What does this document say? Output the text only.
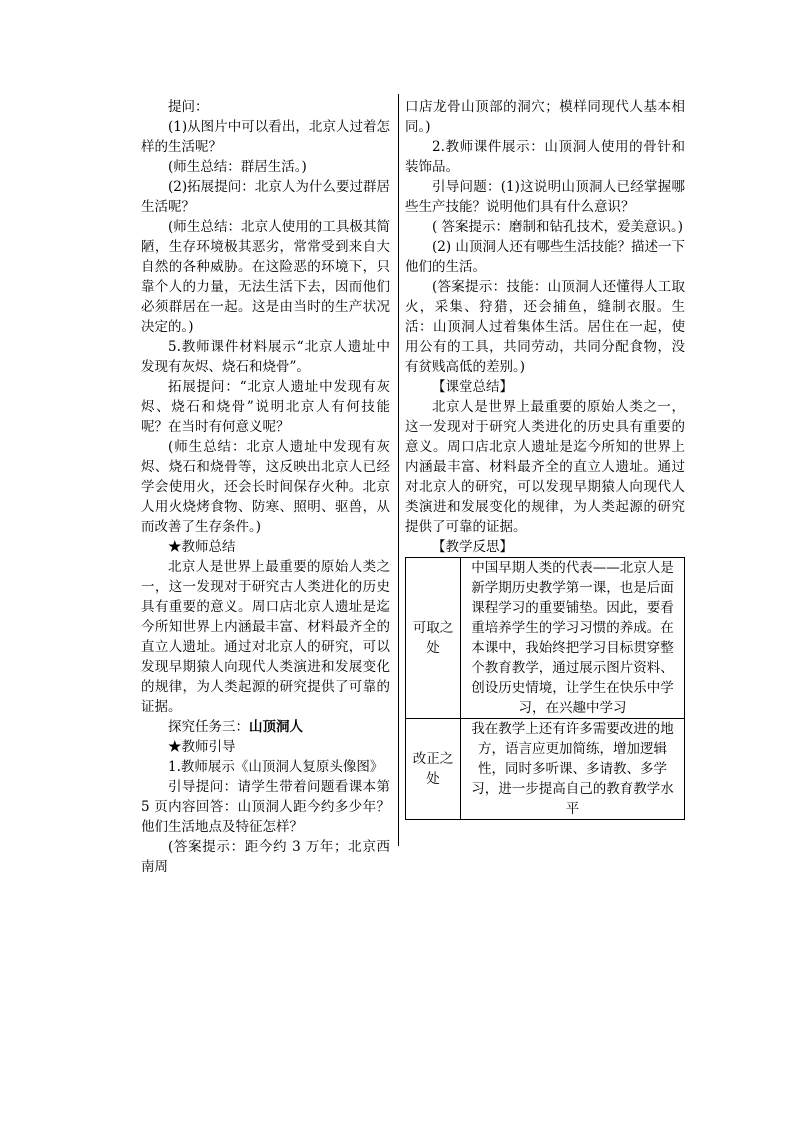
提问：

(1)从图片中可以看出，北京人过着怎样的生活呢？

(师生总结：群居生活。)

(2)拓展提问：北京人为什么要过群居生活呢？

(师生总结：北京人使用的工具极其简陋，生存环境极其恶劣，常常受到来自大自然的各种威胁。在这险恶的环境下，只靠个人的力量，无法生活下去，因而他们必须群居在一起。这是由当时的生产状况决定的。)

5.教师课件材料展示“北京人遗址中发现有灰烬、烧石和烧骨”。

拓展提问：“北京人遗址中发现有灰烬、烧石和烧骨”说明北京人有何技能呢？在当时有何意义呢？

(师生总结：北京人遗址中发现有灰烬、烧石和烧骨等，这反映出北京人已经学会使用火，还会长时间保存火种。北京人用火烧烤食物、防寒、照明、驱兽，从而改善了生存条件。)

★教师总结

北京人是世界上最重要的原始人类之一，这一发现对于研究古人类进化的历史具有重要的意义。周口店北京人遗址是迄今所知世界上内涵最丰富、材料最齐全的直立人遗址。通过对北京人的研究，可以发现早期猿人向现代人类演进和发展变化的规律，为人类起源的研究提供了可靠的证据。

探究任务三：山顶洞人

★教师引导

1.教师展示《山顶洞人复原头像图》

引导提问：请学生带着问题看课本第 5 页内容回答：山顶洞人距今约多少年？他们生活地点及特征怎样？

(答案提示：距今约 3 万年；北京西南周

口店龙骨山顶部的洞穴；模样同现代人基本相同。)

2.教师课件展示：山顶洞人使用的骨针和装饰品。

引导问题：(1)这说明山顶洞人已经掌握哪些生产技能？说明他们具有什么意识？

( 答案提示：磨制和钻孔技术，爱美意识。)

(2) 山顶洞人还有哪些生活技能？描述一下他们的生活。

(答案提示：技能：山顶洞人还懂得人工取火，采集、狩猎，还会捕鱼，缝制衣服。生活：山顶洞人过着集体生活。居住在一起，使用公有的工具，共同劳动，共同分配食物，没有贫贱高低的差别。)

【课堂总结】

北京人是世界上最重要的原始人类之一，这一发现对于研究人类进化的历史具有重要的意义。周口店北京人遗址是迄今所知的世界上内涵最丰富、材料最齐全的直立人遗址。通过对北京人的研究，可以发现早期猿人向现代人类演进和发展变化的规律，为人类起源的研究提供了可靠的证据。

【教学反思】

可取之处	中国早期人类的代表——北京人是新学期历史教学第一课，也是后面课程学习的重要铺垫。因此，要看重培养学生的学习习惯的养成。在本课中，我始终把学习目标贯穿整个教育教学，通过展示图片资料、创设历史情境，让学生在快乐中学习，在兴趣中学习
改正之处	我在教学上还有许多需要改进的地方，语言应更加简练，增加逻辑性，同时多听课、多请教、多学习，进一步提高自己的教育教学水平
